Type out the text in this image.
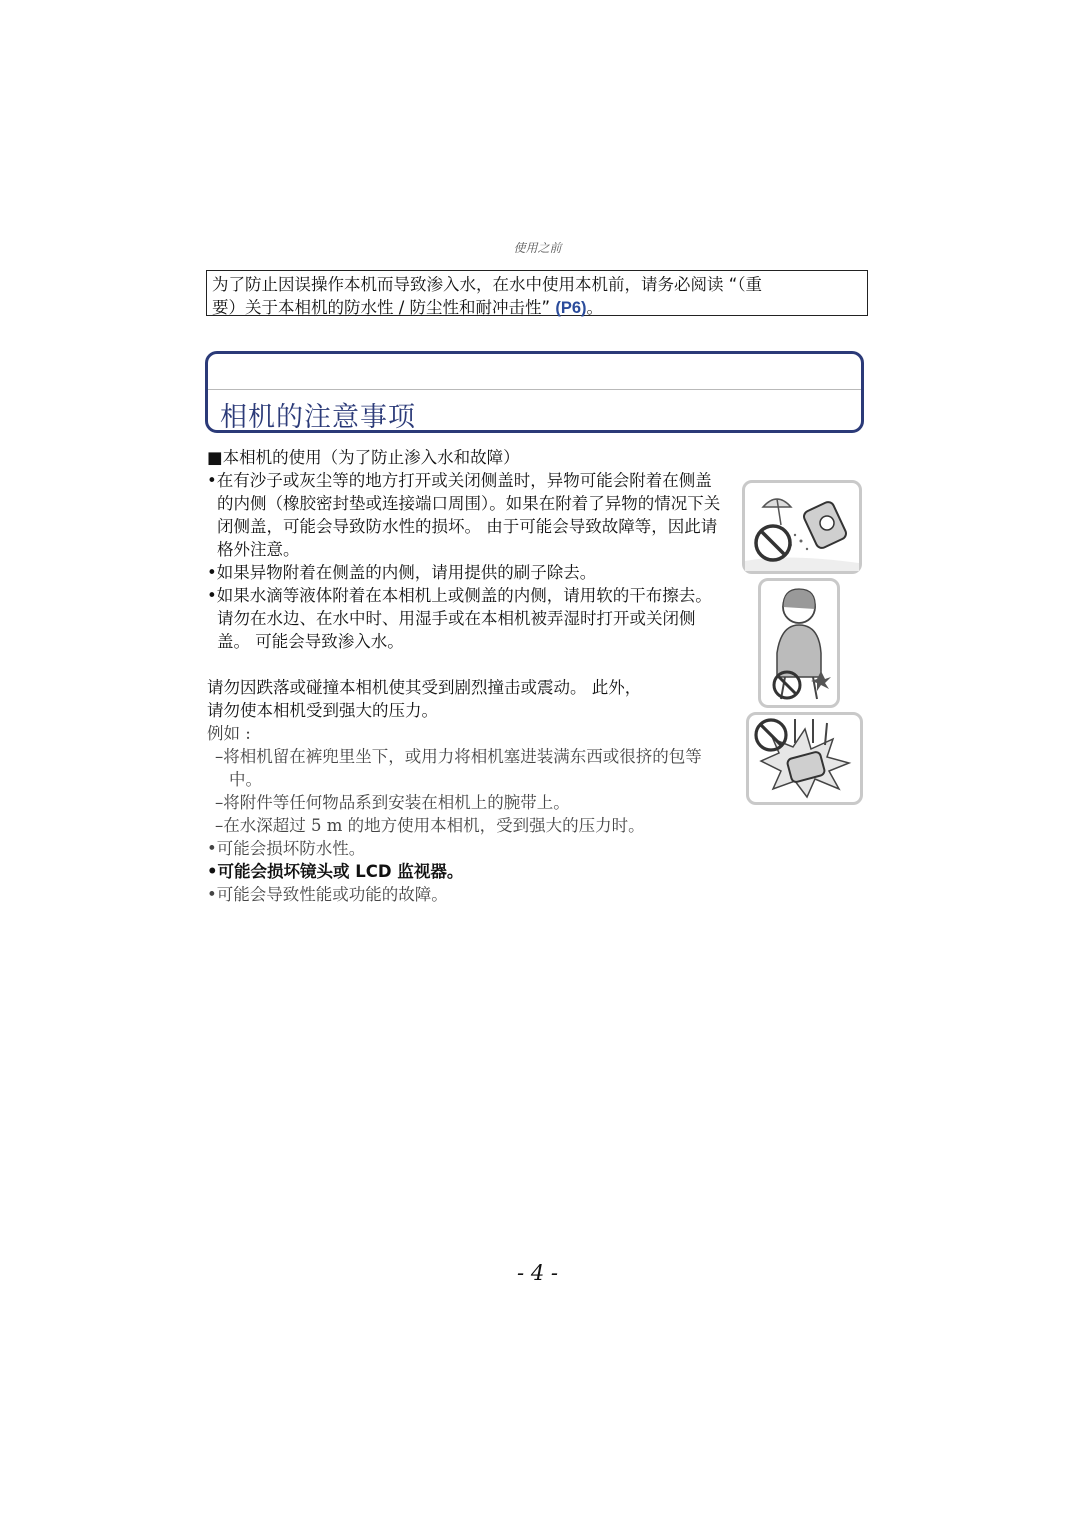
使用之前
为了防止因误操作本机而导致渗入水，在水中使用本机前，请务必阅读 “（重
要）关于本相机的防水性 / 防尘性和耐冲击性” (P6)。
相机的注意事项

■本相机的使用（为了防止渗入水和故障）

•在有沙子或灰尘等的地方打开或关闭侧盖时，异物可能会附着在侧盖的内侧（橡胶密封垫或连接端口周围）。如果在附着了异物的情况下关闭侧盖，可能会导致防水性的损坏。 由于可能会导致故障等，因此请格外注意。

•如果异物附着在侧盖的内侧，请用提供的刷子除去。

•如果水滴等液体附着在本相机上或侧盖的内侧，请用软的干布擦去。 请勿在水边、在水中时、用湿手或在本相机被弄湿时打开或关闭侧盖。 可能会导致渗入水。

请勿因跌落或碰撞本相机使其受到剧烈撞击或震动。 此外，

请勿使本相机受到强大的压力。

例如 :

–将相机留在裤兜里坐下，或用力将相机塞进装满东西或很挤的包等中。

–将附件等任何物品系到安装在相机上的腕带上。

–在水深超过 5 m 的地方使用本相机，受到强大的压力时。

•可能会损坏防水性。

•可能会损坏镜头或 LCD 监视器。

•可能会导致性能或功能的故障。

- 4 -
